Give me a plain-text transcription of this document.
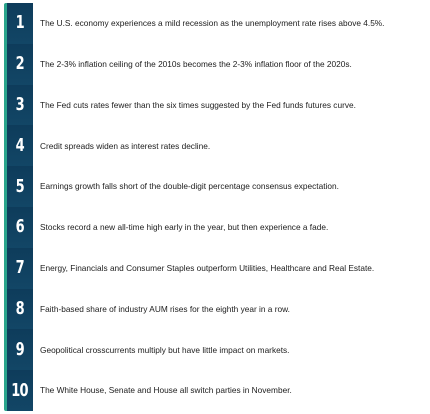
1 The U.S. economy experiences a mild recession as the unemployment rate rises above 4.5%.
2 The 2-3% inflation ceiling of the 2010s becomes the 2-3% inflation floor of the 2020s.
3 The Fed cuts rates fewer than the six times suggested by the Fed funds futures curve.
4 Credit spreads widen as interest rates decline.
5 Earnings growth falls short of the double-digit percentage consensus expectation.
6 Stocks record a new all-time high early in the year, but then experience a fade.
7 Energy, Financials and Consumer Staples outperform Utilities, Healthcare and Real Estate.
8 Faith-based share of industry AUM rises for the eighth year in a row.
9 Geopolitical crosscurrents multiply but have little impact on markets.
10 The White House, Senate and House all switch parties in November.
